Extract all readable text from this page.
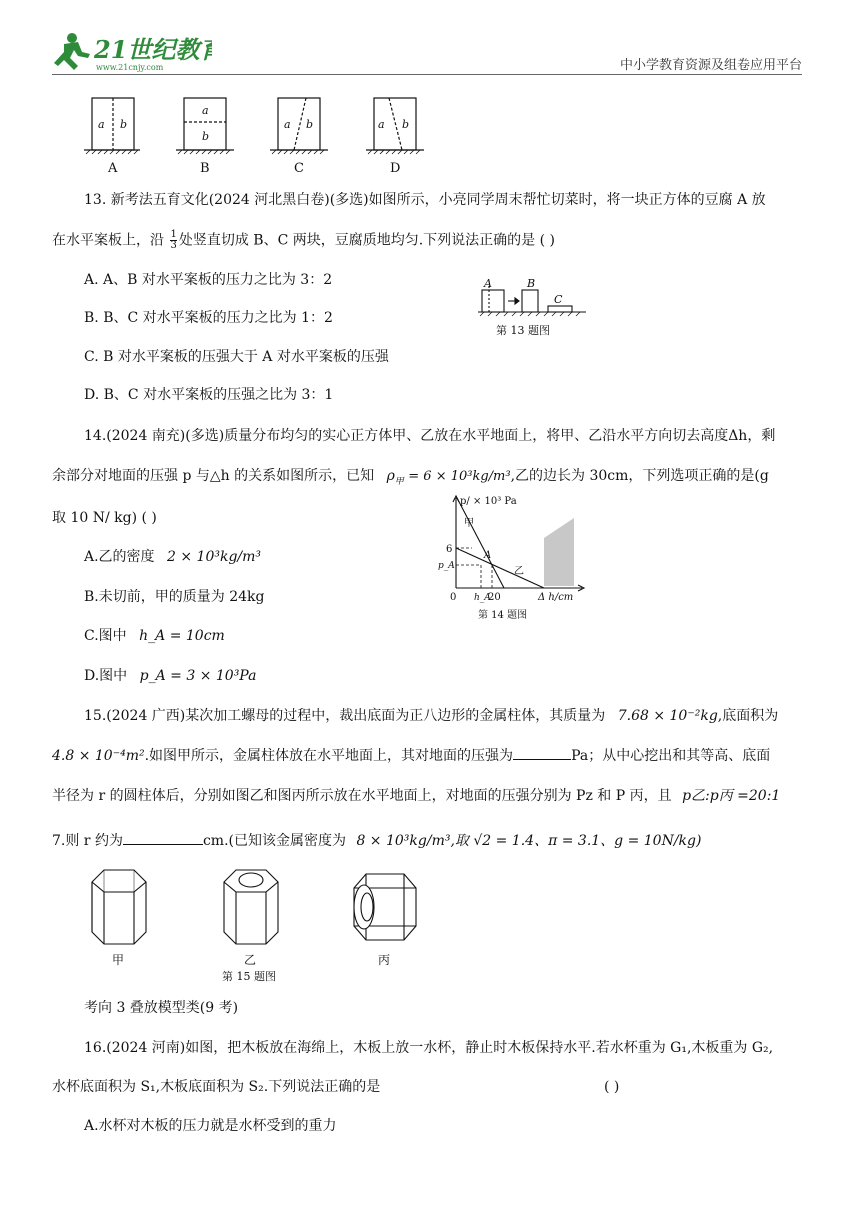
21世纪教育
www.21cnjy.com	中小学教育资源及组卷应用平台
a b
a
b
a b	a b
A	B	C	D
13. 新考法五育文化(2024 河北黑白卷)(多选)如图所示，小亮同学周末帮忙切菜时，将一块正方体的豆腐 A 放
在水平案板上，沿 $\frac{1}{3}$ 处竖直切成 B、C 两块，豆腐质地均匀.下列说法正确的是 ( )
A. A、B 对水平案板的压力之比为 3：2
B. B、C 对水平案板的压力之比为 1：2
C. B 对水平案板的压强大于 A 对水平案板的压强
D. B、C 对水平案板的压强之比为 3：1
A	B
C
第 13 题图
14.(2024 南充)(多选)质量分布均匀的实心正方体甲、乙放在水平地面上，将甲、乙沿水平方向切去高度Δh，剩
余部分对地面的压强 p 与△h 的关系如图所示，已知 $\rho_甲 = 6 \times 10^3kg/m^3$,乙的边长为 30cm，下列选项正确的是(g
取 10 N/ kg) ( )
A.乙的密度 2 × 10³kg/m³
B.未切前，甲的质量为 24kg
C.图中 h_A = 10cm
D.图中 p_A = 3 × 10³Pa
p/ × 10³ Pa
甲
乙
A
6
p_A
0 h_A
20	Δ h/cm
第 14 题图
15.(2024 广西)某次加工螺母的过程中，裁出底面为正八边形的金属柱体，其质量为 7.68 × 10⁻²kg,底面积为
4.8 × 10⁻⁴m².如图甲所示，金属柱体放在水平地面上，其对地面的压强为	Pa；从中心挖出和其等高、底面
半径为 r 的圆柱体后，分别如图乙和图丙所示放在水平地面上，对地面的压强分别为 Pz 和 P 丙，且 p乙:p丙 =20:1
7.则 r 约为	cm.(已知该金属密度为 8 × 10³kg/m³,取 √2 = 1.4、π = 3.1、g = 10N/kg)
甲	乙	丙
第 15 题图
考向 3 叠放模型类(9 考)
16.(2024 河南)如图，把木板放在海绵上，木板上放一水杯，静止时木板保持水平.若水杯重为 G₁,木板重为 G₂,
水杯底面积为 S₁,木板底面积为 S₂.下列说法正确的是	( )
A.水杯对木板的压力就是水杯受到的重力
